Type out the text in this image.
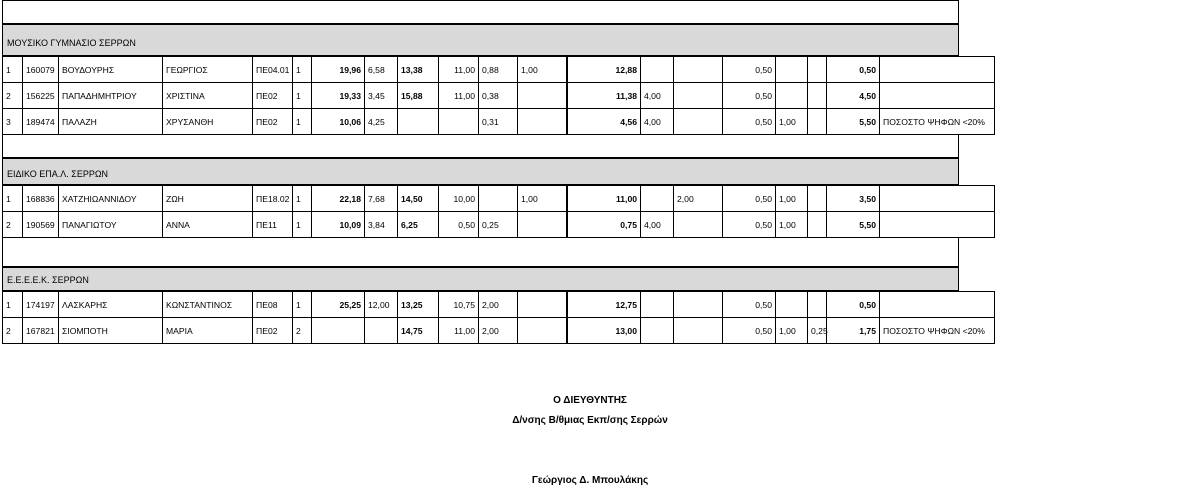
ΜΟΥΣΙΚΟ ΓΥΜΝΑΣΙΟ ΣΕΡΡΩΝ
1	160079	ΒΟΥΔΟΥΡΗΣ	ΓΕΩΡΓΙΟΣ	ΠΕ04.01	1	19,96	6,58	13,38	11,00	0,88	1,00		12,88			0,50			0,50	
2	156225	ΠΑΠΑΔΗΜΗΤΡΙΟΥ	ΧΡΙΣΤΙΝΑ	ΠΕ02	1	19,33	3,45	15,88	11,00	0,38			11,38	4,00		0,50			4,50	
3	189474	ΠΑΛΑΖΗ	ΧΡΥΣΑΝΘΗ	ΠΕ02	1	10,06	4,25			0,31			4,56	4,00		0,50	1,00		5,50	ΠΟΣΟΣΤΟ ΨΗΦΩΝ <20%
ΕΙΔΙΚΟ ΕΠΑ.Λ. ΣΕΡΡΩΝ
1	168836	ΧΑΤΖΗΙΩΑΝΝΙΔΟΥ	ΖΩΗ	ΠΕ18.02	1	22,18	7,68	14,50	10,00		1,00		11,00		2,00	0,50	1,00		3,50	
2	190569	ΠΑΝΑΓΙΩΤΟΥ	ΑΝΝΑ	ΠΕ11	1	10,09	3,84	6,25	0,50	0,25			0,75	4,00		0,50	1,00		5,50	
Ε.Ε.Ε.Ε.Κ. ΣΕΡΡΩΝ
1	174197	ΛΑΣΚΑΡΗΣ	ΚΩΝΣΤΑΝΤΙΝΟΣ	ΠΕ08	1	25,25	12,00	13,25	10,75	2,00			12,75			0,50			0,50	
2	167821	ΣΙΟΜΠΟΤΗ	ΜΑΡΙΑ	ΠΕ02	2			14,75	11,00	2,00			13,00			0,50	1,00	0,25	1,75	ΠΟΣΟΣΤΟ ΨΗΦΩΝ <20%
Ο ΔΙΕΥΘΥΝΤΗΣ
Δ/νσης Β/θμιας Εκπ/σης Σερρών
Γεώργιος Δ. Μπουλάκης
